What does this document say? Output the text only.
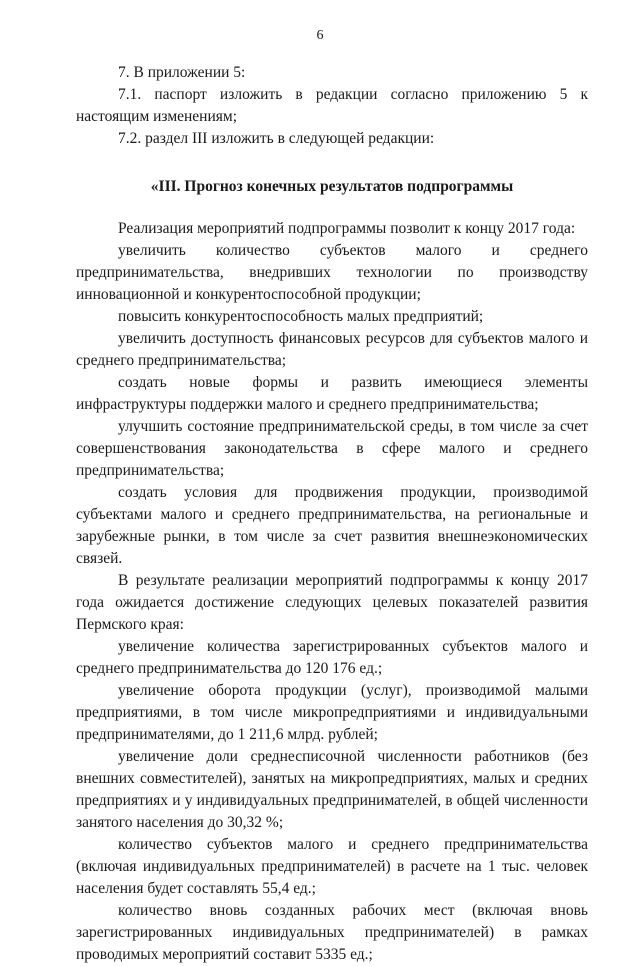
6

7. В приложении 5:

7.1. паспорт изложить в редакции согласно приложению 5 к настоящим изменениям;

7.2. раздел III изложить в следующей редакции:

«III. Прогноз конечных результатов подпрограммы

Реализация мероприятий подпрограммы позволит к концу 2017 года:

увеличить количество субъектов малого и среднего предпринимательства, внедривших технологии по производству инновационной и конкурентоспособной продукции;

повысить конкурентоспособность малых предприятий;

увеличить доступность финансовых ресурсов для субъектов малого и среднего предпринимательства;

создать новые формы и развить имеющиеся элементы инфраструктуры поддержки малого и среднего предпринимательства;

улучшить состояние предпринимательской среды, в том числе за счет совершенствования законодательства в сфере малого и среднего предпринимательства;

создать условия для продвижения продукции, производимой субъектами малого и среднего предпринимательства, на региональные и зарубежные рынки, в том числе за счет развития внешнеэкономических связей.

В результате реализации мероприятий подпрограммы к концу 2017 года ожидается достижение следующих целевых показателей развития Пермского края:

увеличение количества зарегистрированных субъектов малого и среднего предпринимательства до 120 176 ед.;

увеличение оборота продукции (услуг), производимой малыми предприятиями, в том числе микропредприятиями и индивидуальными предпринимателями, до 1 211,6 млрд. рублей;

увеличение доли среднесписочной численности работников (без внешних совместителей), занятых на микропредприятиях, малых и средних предприятиях и у индивидуальных предпринимателей, в общей численности занятого населения до 30,32 %;

количество субъектов малого и среднего предпринимательства (включая индивидуальных предпринимателей) в расчете на 1 тыс. человек населения будет составлять 55,4 ед.;

количество вновь созданных рабочих мест (включая вновь зарегистрированных индивидуальных предпринимателей) в рамках проводимых мероприятий составит 5335 ед.;
